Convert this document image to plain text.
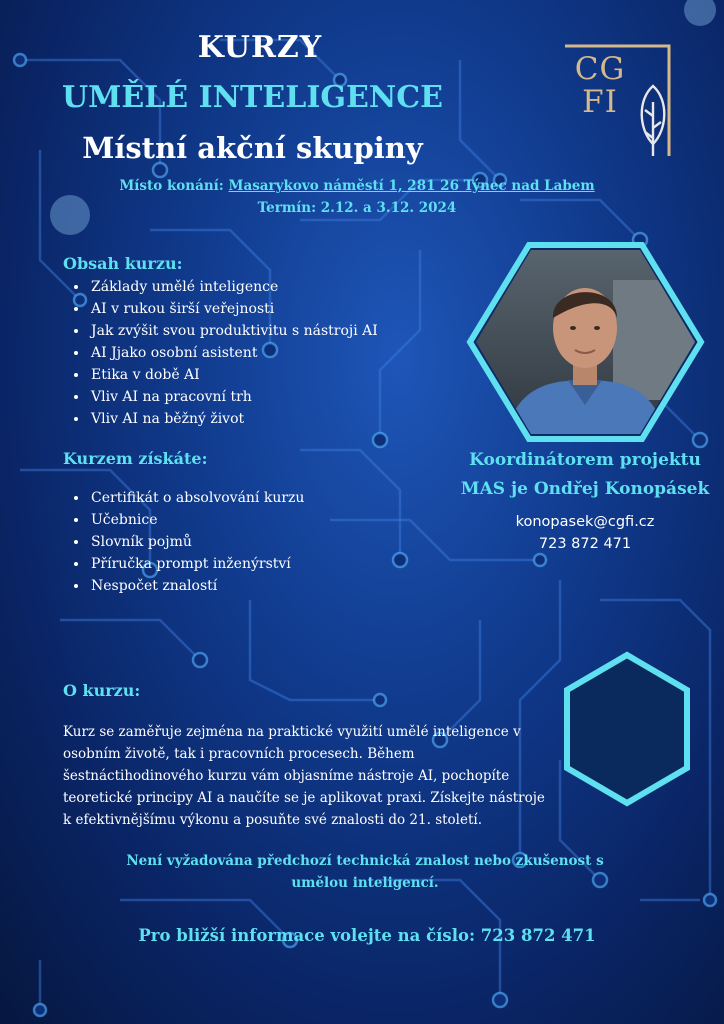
CG
FI
KURZY
UMĚLÉ INTELIGENCE
Místní akční skupiny
Místo konání: Masarykovo náměstí 1, 281 26 Týnec nad Labem
Termín: 2.12. a 3.12. 2024
Obsah kurzu:
• Základy umělé inteligence
• AI v rukou širší veřejnosti
• Jak zvýšit svou produktivitu s nástroji AI
• AI Jjako osobní asistent
• Etika v době AI
• Vliv AI na pracovní trh
• Vliv AI na běžný život
Kurzem získáte:
• Certifikát o absolvování kurzu
• Učebnice
• Slovník pojmů
• Příručka prompt inženýrství
• Nespočet znalostí
Koordinátorem projektu
MAS je Ondřej Konopásek
konopasek@cgfi.cz
723 872 471
O kurzu:
Kurz se zaměřuje zejména na praktické využití umělé inteligence v osobním životě, tak i pracovních procesech. Během šestnáctihodinového kurzu vám objasníme nástroje AI, pochopíte teoretické principy AI a naučíte se je aplikovat praxi. Získejte nástroje k efektivnějšímu výkonu a posuňte své znalosti do 21. století.
Není vyžadována předchozí technická znalost nebo zkušenost s umělou inteligencí.
Pro bližší informace volejte na číslo: 723 872 471
